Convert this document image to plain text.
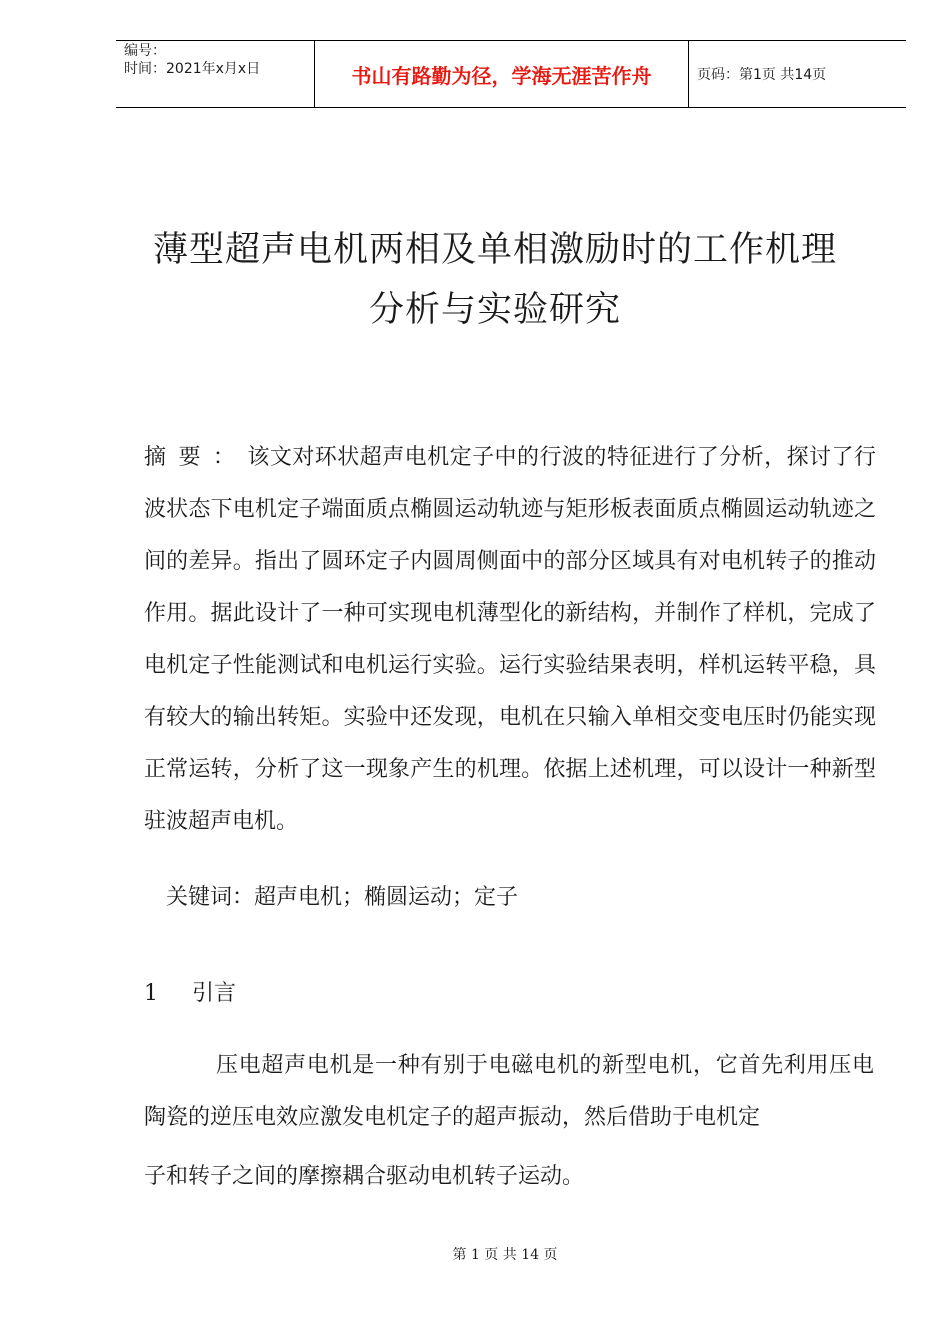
编号：
时间：2021年x月x日	书山有路勤为径，学海无涯苦作舟	页码：第1页 共14页
薄型超声电机两相及单相激励时的工作机理
分析与实验研究
摘要：该文对环状超声电机定子中的行波的特征进行了分析，探讨了行波状态下电机定子端面质点椭圆运动轨迹与矩形板表面质点椭圆运动轨迹之间的差异。指出了圆环定子内圆周侧面中的部分区域具有对电机转子的推动作用。据此设计了一种可实现电机薄型化的新结构，并制作了样机，完成了电机定子性能测试和电机运行实验。运行实验结果表明，样机运转平稳，具有较大的输出转矩。实验中还发现，电机在只输入单相交变电压时仍能实现正常运转，分析了这一现象产生的机理。依据上述机理，可以设计一种新型驻波超声电机。
关键词：超声电机；椭圆运动；定子
1 引言

压电超声电机是一种有别于电磁电机的新型电机，它首先利用压电陶瓷的逆压电效应激发电机定子的超声振动，然后借助于电机定

子和转子之间的摩擦耦合驱动电机转子运动。

第 1 页 共 14 页
